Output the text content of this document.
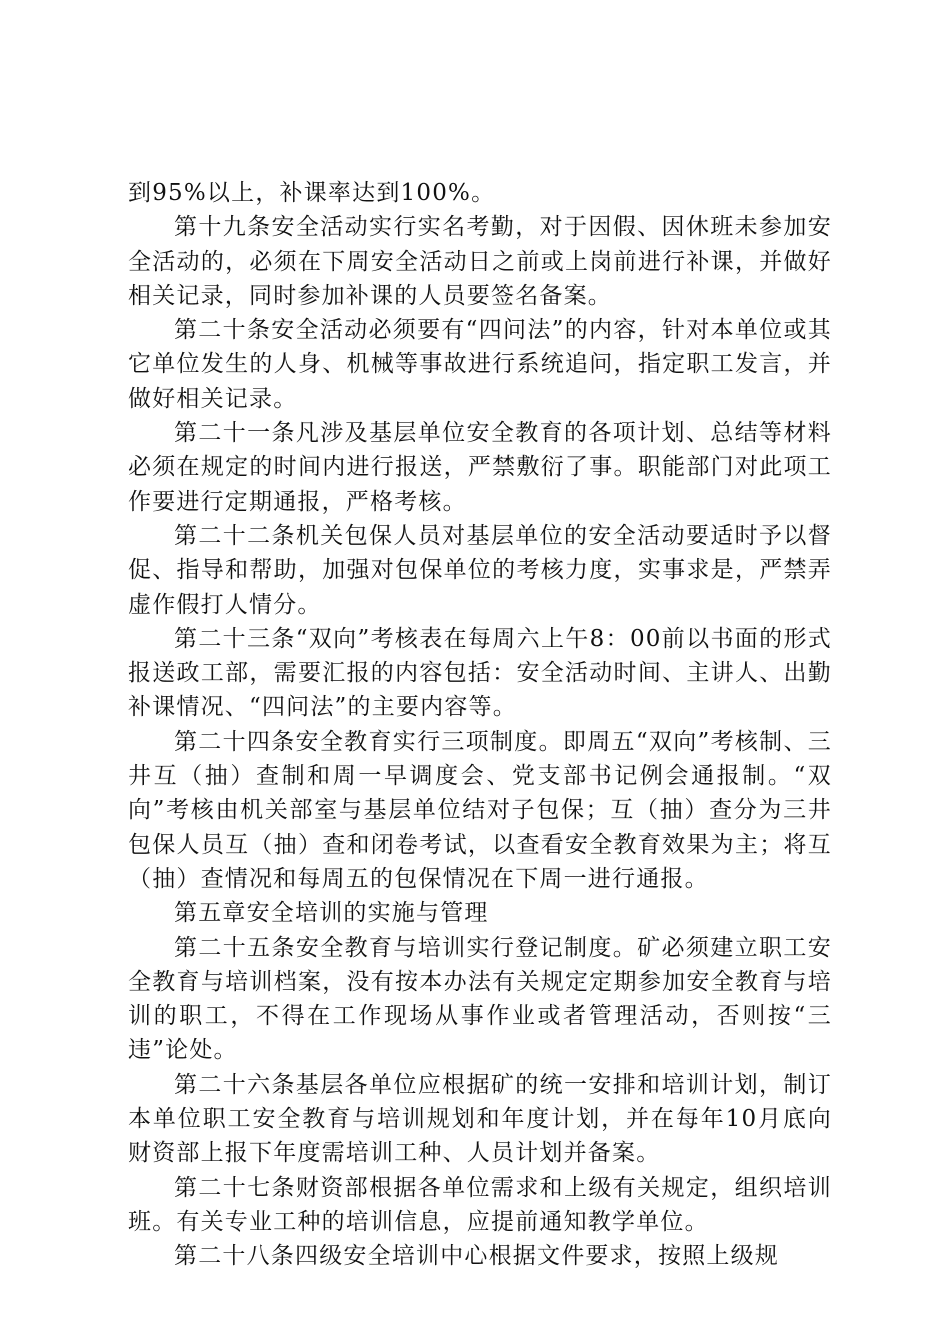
到95%以上，补课率达到100%。

第十九条安全活动实行实名考勤，对于因假、因休班未参加安全活动的，必须在下周安全活动日之前或上岗前进行补课，并做好相关记录，同时参加补课的人员要签名备案。

第二十条安全活动必须要有“四问法”的内容，针对本单位或其它单位发生的人身、机械等事故进行系统追问，指定职工发言，并做好相关记录。

第二十一条凡涉及基层单位安全教育的各项计划、总结等材料必须在规定的时间内进行报送，严禁敷衍了事。职能部门对此项工作要进行定期通报，严格考核。

第二十二条机关包保人员对基层单位的安全活动要适时予以督促、指导和帮助，加强对包保单位的考核力度，实事求是，严禁弄虚作假打人情分。

第二十三条“双向”考核表在每周六上午8：00前以书面的形式报送政工部，需要汇报的内容包括：安全活动时间、主讲人、出勤补课情况、“四问法”的主要内容等。

第二十四条安全教育实行三项制度。即周五“双向”考核制、三井互（抽）查制和周一早调度会、党支部书记例会通报制。“双向”考核由机关部室与基层单位结对子包保；互（抽）查分为三井包保人员互（抽）查和闭卷考试，以查看安全教育效果为主；将互（抽）查情况和每周五的包保情况在下周一进行通报。

第五章安全培训的实施与管理

第二十五条安全教育与培训实行登记制度。矿必须建立职工安全教育与培训档案，没有按本办法有关规定定期参加安全教育与培训的职工，不得在工作现场从事作业或者管理活动，否则按“三违”论处。

第二十六条基层各单位应根据矿的统一安排和培训计划，制订本单位职工安全教育与培训规划和年度计划，并在每年10月底向财资部上报下年度需培训工种、人员计划并备案。

第二十七条财资部根据各单位需求和上级有关规定，组织培训班。有关专业工种的培训信息，应提前通知教学单位。

第二十八条四级安全培训中心根据文件要求，按照上级规
